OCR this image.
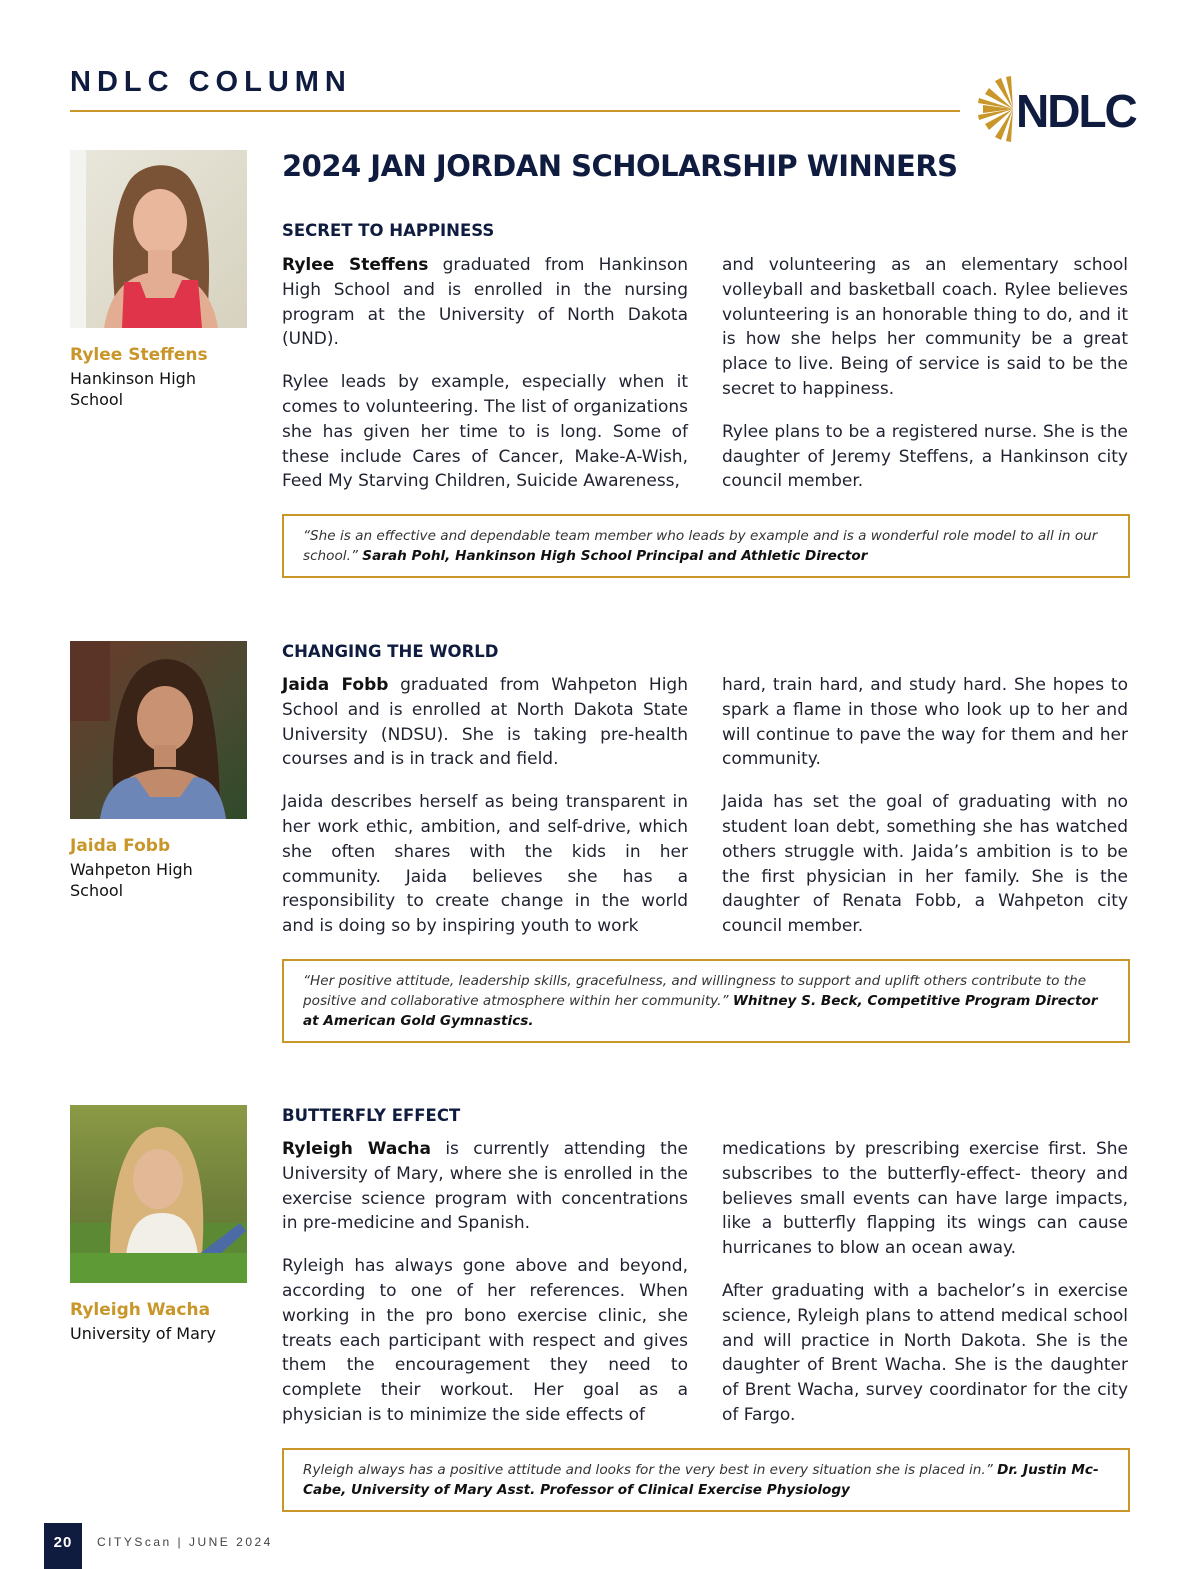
NDLC COLUMN
NDLC
2024 JAN JORDAN SCHOLARSHIP WINNERS
Rylee Steffens
Hankinson High School
SECRET TO HAPPINESS

Rylee Steffens graduated from Hankinson High School and is enrolled in the nursing program at the University of North Dakota (UND).

Rylee leads by example, especially when it comes to volunteering. The list of organizations she has given her time to is long. Some of these include Cares of Cancer, Make-A-Wish, Feed My Starving Children, Suicide Awareness,

and volunteering as an elementary school volleyball and basketball coach. Rylee believes volunteering is an honorable thing to do, and it is how she helps her community be a great place to live. Being of service is said to be the secret to happiness.

Rylee plans to be a registered nurse. She is the daughter of Jeremy Steffens, a Hankinson city council member.

“She is an effective and dependable team member who leads by example and is a wonderful role model to all in our school.” Sarah Pohl, Hankinson High School Principal and Athletic Director
Jaida Fobb
Wahpeton High School
CHANGING THE WORLD

Jaida Fobb graduated from Wahpeton High School and is enrolled at North Dakota State University (NDSU). She is taking pre-health courses and is in track and field.

Jaida describes herself as being transparent in her work ethic, ambition, and self-drive, which she often shares with the kids in her community. Jaida believes she has a responsibility to create change in the world and is doing so by inspiring youth to work

hard, train hard, and study hard. She hopes to spark a flame in those who look up to her and will continue to pave the way for them and her community.

Jaida has set the goal of graduating with no student loan debt, something she has watched others struggle with. Jaida’s ambition is to be the first physician in her family. She is the daughter of Renata Fobb, a Wahpeton city council member.

“Her positive attitude, leadership skills, gracefulness, and willingness to support and uplift others contribute to the positive and collaborative atmosphere within her community.” Whitney S. Beck, Competitive Program Director at American Gold Gymnastics.
Ryleigh Wacha
University of Mary
BUTTERFLY EFFECT

Ryleigh Wacha is currently attending the University of Mary, where she is enrolled in the exercise science program with concentrations in pre-medicine and Spanish.

Ryleigh has always gone above and beyond, according to one of her references. When working in the pro bono exercise clinic, she treats each participant with respect and gives them the encouragement they need to complete their workout. Her goal as a physician is to minimize the side effects of

medications by prescribing exercise first. She subscribes to the butterfly-effect- theory and believes small events can have large impacts, like a butterfly flapping its wings can cause hurricanes to blow an ocean away.

After graduating with a bachelor’s in exercise science, Ryleigh plans to attend medical school and will practice in North Dakota. She is the daughter of Brent Wacha. She is the daughter of Brent Wacha, survey coordinator for the city of Fargo.

Ryleigh always has a positive attitude and looks for the very best in every situation she is placed in.” Dr. Justin Mc-Cabe, University of Mary Asst. Professor of Clinical Exercise Physiology
20	CITYScan | JUNE 2024
